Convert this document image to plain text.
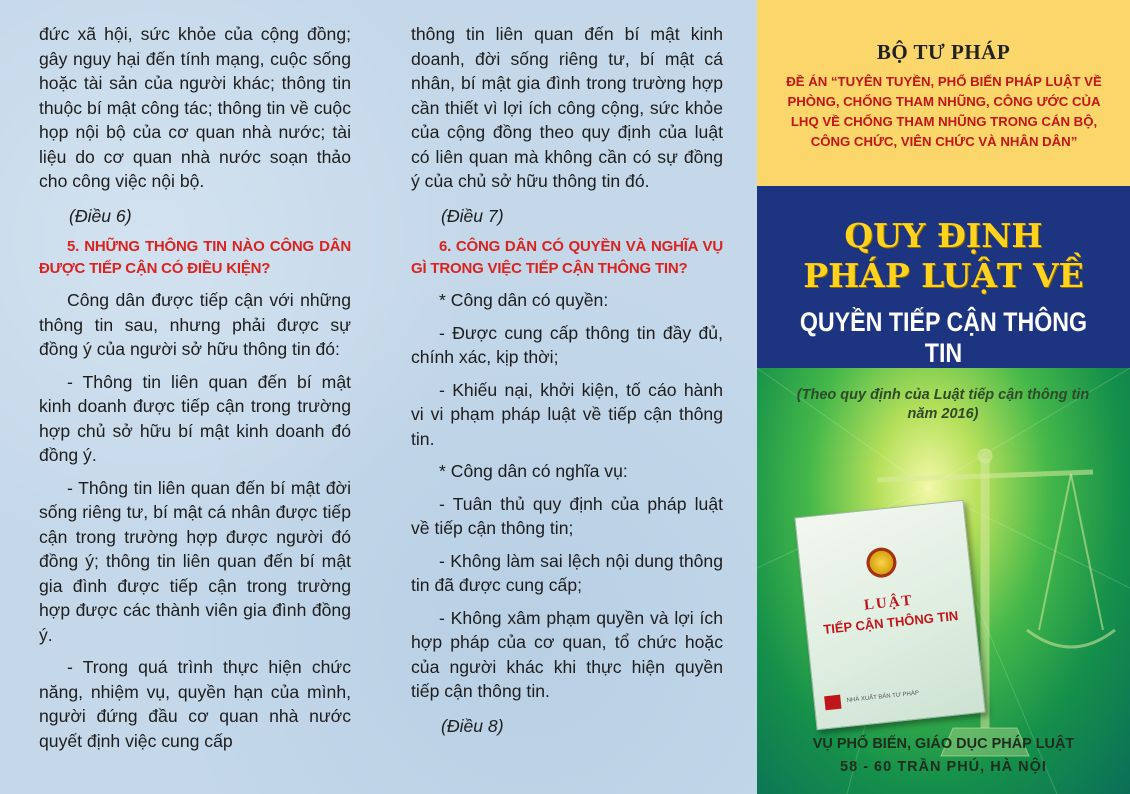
đức xã hội, sức khỏe của cộng đồng; gây nguy hại đến tính mạng, cuộc sống hoặc tài sản của người khác; thông tin thuộc bí mật công tác; thông tin về cuộc họp nội bộ của cơ quan nhà nước; tài liệu do cơ quan nhà nước soạn thảo cho công việc nội bộ.

(Điều 6)

5. NHỮNG THÔNG TIN NÀO CÔNG DÂN ĐƯỢC TIẾP CẬN CÓ ĐIỀU KIỆN?

Công dân được tiếp cận với những thông tin sau, nhưng phải được sự đồng ý của người sở hữu thông tin đó:

- Thông tin liên quan đến bí mật kinh doanh được tiếp cận trong trường hợp chủ sở hữu bí mật kinh doanh đó đồng ý.

- Thông tin liên quan đến bí mật đời sống riêng tư, bí mật cá nhân được tiếp cận trong trường hợp được người đó đồng ý; thông tin liên quan đến bí mật gia đình được tiếp cận trong trường hợp được các thành viên gia đình đồng ý.

- Trong quá trình thực hiện chức năng, nhiệm vụ, quyền hạn của mình, người đứng đầu cơ quan nhà nước quyết định việc cung cấp

thông tin liên quan đến bí mật kinh doanh, đời sống riêng tư, bí mật cá nhân, bí mật gia đình trong trường hợp cần thiết vì lợi ích công cộng, sức khỏe của cộng đồng theo quy định của luật có liên quan mà không cần có sự đồng ý của chủ sở hữu thông tin đó.

(Điều 7)

6. CÔNG DÂN CÓ QUYỀN VÀ NGHĨA VỤ GÌ TRONG VIỆC TIẾP CẬN THÔNG TIN?

* Công dân có quyền:

- Được cung cấp thông tin đầy đủ, chính xác, kịp thời;

- Khiếu nại, khởi kiện, tố cáo hành vi vi phạm pháp luật về tiếp cận thông tin.

* Công dân có nghĩa vụ:

- Tuân thủ quy định của pháp luật về tiếp cận thông tin;

- Không làm sai lệch nội dung thông tin đã được cung cấp;

- Không xâm phạm quyền và lợi ích hợp pháp của cơ quan, tổ chức hoặc của người khác khi thực hiện quyền tiếp cận thông tin.

(Điều 8)

BỘ TƯ PHÁP
ĐỀ ÁN “TUYÊN TUYỀN, PHỔ BIẾN PHÁP LUẬT VỀ PHÒNG, CHỐNG THAM NHŨNG, CÔNG ƯỚC CỦA LHQ VỀ CHỐNG THAM NHŨNG TRONG CÁN BỘ, CÔNG CHỨC, VIÊN CHỨC VÀ NHÂN DÂN”
QUY ĐỊNH
PHÁP LUẬT VỀ
QUYỀN TIẾP CẬN THÔNG TIN
(Theo quy định của Luật tiếp cận thông tin năm 2016)
LUẬT
TIẾP CẬN THÔNG TIN
NHÀ XUẤT BẢN TƯ PHÁP
VỤ PHỔ BIẾN, GIÁO DỤC PHÁP LUẬT
58 - 60 TRẦN PHÚ, HÀ NỘI
